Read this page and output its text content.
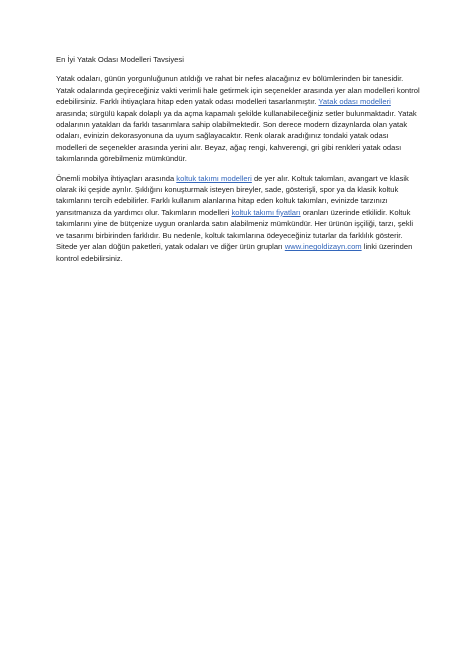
En İyi Yatak Odası Modelleri Tavsiyesi

Yatak odaları, günün yorgunluğunun atıldığı ve rahat bir nefes alacağınız ev bölümlerinden bir tanesidir. Yatak odalarında geçireceğiniz vakti verimli hale getirmek için seçenekler arasında yer alan modelleri kontrol edebilirsiniz. Farklı ihtiyaçlara hitap eden yatak odası modelleri tasarlanmıştır. Yatak odası modelleri arasında; sürgülü kapak dolaplı ya da açma kapamalı şekilde kullanabileceğiniz setler bulunmaktadır. Yatak odalarının yatakları da farklı tasarımlara sahip olabilmektedir. Son derece modern dizaynlarda olan yatak odaları, evinizin dekorasyonuna da uyum sağlayacaktır. Renk olarak aradığınız tondaki yatak odası modelleri de seçenekler arasında yerini alır. Beyaz, ağaç rengi, kahverengi, gri gibi renkleri yatak odası takımlarında görebilmeniz mümkündür.

Önemli mobilya ihtiyaçları arasında koltuk takımı modelleri de yer alır. Koltuk takımları, avangart ve klasik olarak iki çeşide ayrılır. Şıklığını konuşturmak isteyen bireyler, sade, gösterişli, spor ya da klasik koltuk takımlarını tercih edebilirler. Farklı kullanım alanlarına hitap eden koltuk takımları, evinizde tarzınızı yansıtmanıza da yardımcı olur. Takımların modelleri koltuk takımı fiyatları oranları üzerinde etkilidir. Koltuk takımlarını yine de bütçenize uygun oranlarda satın alabilmeniz mümkündür. Her ürünün işçiliği, tarzı, şekli ve tasarımı birbirinden farklıdır. Bu nedenle, koltuk takımlarına ödeyeceğiniz tutarlar da farklılık gösterir. Sitede yer alan düğün paketleri, yatak odaları ve diğer ürün grupları www.inegoldizayn.com linki üzerinden kontrol edebilirsiniz.
